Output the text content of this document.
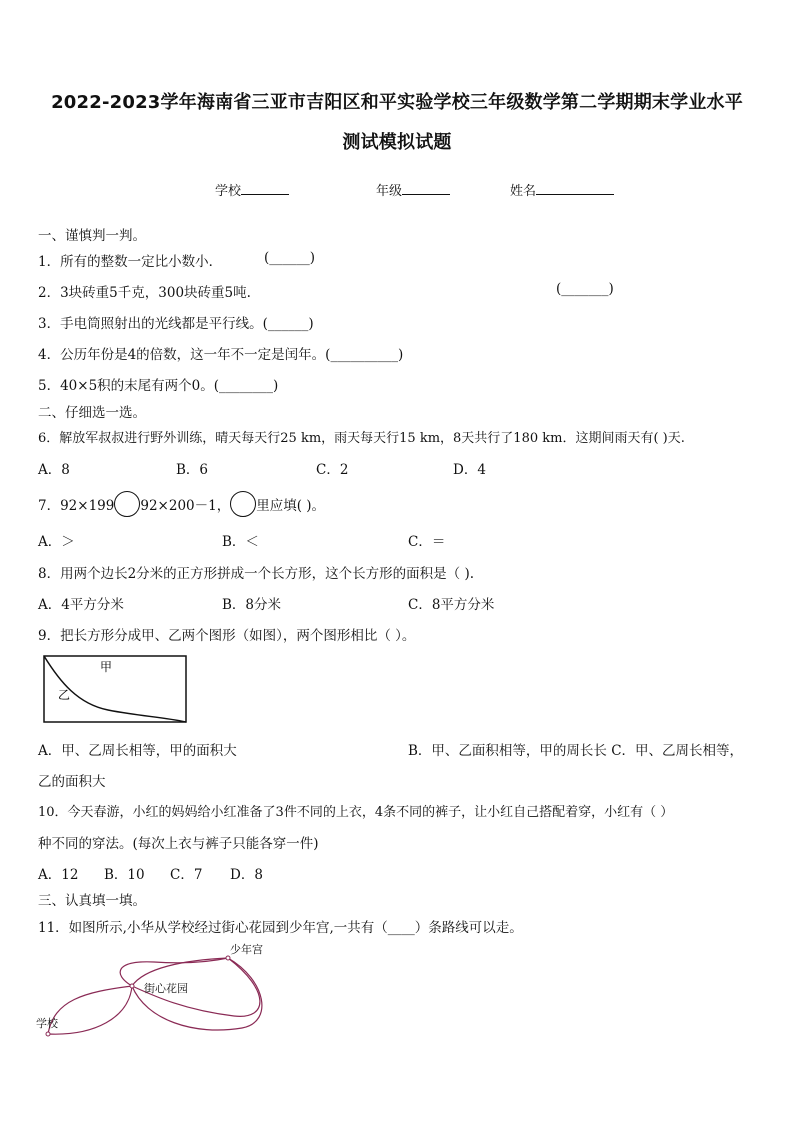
2022-2023学年海南省三亚市吉阳区和平实验学校三年级数学第二学期期末学业水平
测试模拟试题
学校	年级	姓名
一、谨慎判一判。
1．所有的整数一定比小数小．	(______)
2．3块砖重5千克，300块砖重5吨.	(_______)
3．手电筒照射出的光线都是平行线。(______)
4．公历年份是4的倍数，这一年不一定是闰年。(__________)
5．40×5积的末尾有两个0。(________)
二、仔细选一选。
6．解放军叔叔进行野外训练，晴天每天行25 km，雨天每天行15 km，8天共行了180 km．这期间雨天有( )天.
A．8	B．6	C．2	D．4
7．92×199 92×200－1， 里应填( )。
A．＞	B．＜	C．＝
8．用两个边长2分米的正方形拼成一个长方形，这个长方形的面积是（ ).
A．4平方分米	B．8分米	C．8平方分米
9．把长方形分成甲、乙两个图形（如图），两个图形相比（ ）。
甲
乙
A．甲、乙周长相等，甲的面积大	B．甲、乙面积相等，甲的周长长 C．甲、乙周长相等，
乙的面积大
10．今天春游，小红的妈妈给小红准备了3件不同的上衣，4条不同的裤子，让小红自己搭配着穿，小红有（ ）
种不同的穿法。(每次上衣与裤子只能各穿一件)
A．12 B．10 C．7 D．8
三、认真填一填。
11．如图所示,小华从学校经过街心花园到少年宫,一共有（____）条路线可以走。
少年宫
街心花园
学校
